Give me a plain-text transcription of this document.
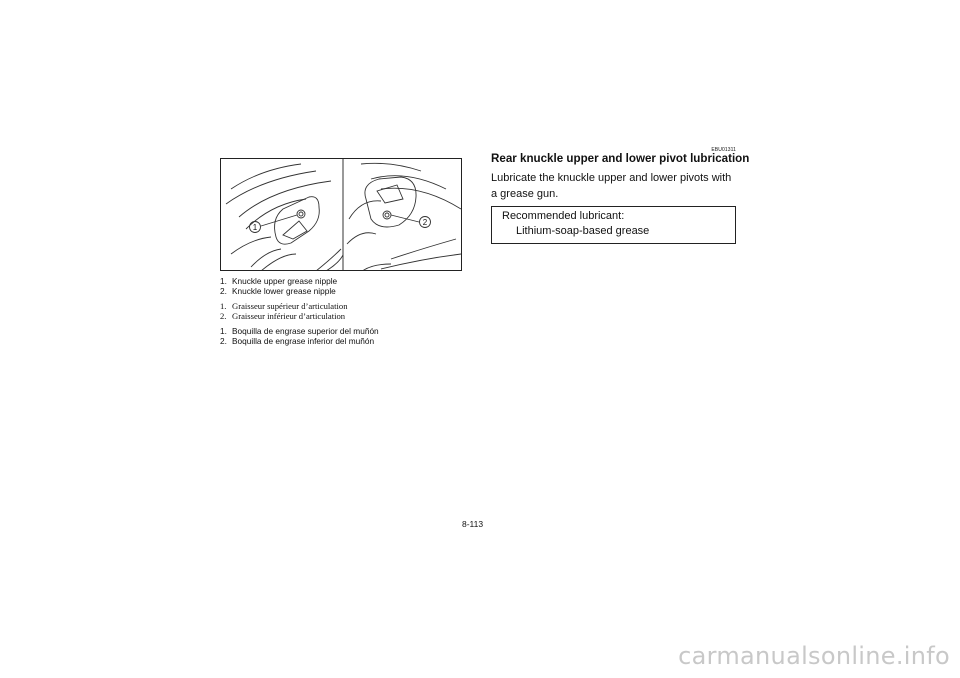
1
2
1. Knuckle upper grease nipple
2. Knuckle lower grease nipple
1. Graisseur supérieur d’articulation
2. Graisseur inférieur d’articulation
1. Boquilla de engrase superior del muñón
2. Boquilla de engrase inferior del muñón
EBU01311
Rear knuckle upper and lower pivot lubrication
Lubricate the knuckle upper and lower pivots with a grease gun.
Recommended lubricant:
Lithium-soap-based grease
8-113
carmanualsonline.info
